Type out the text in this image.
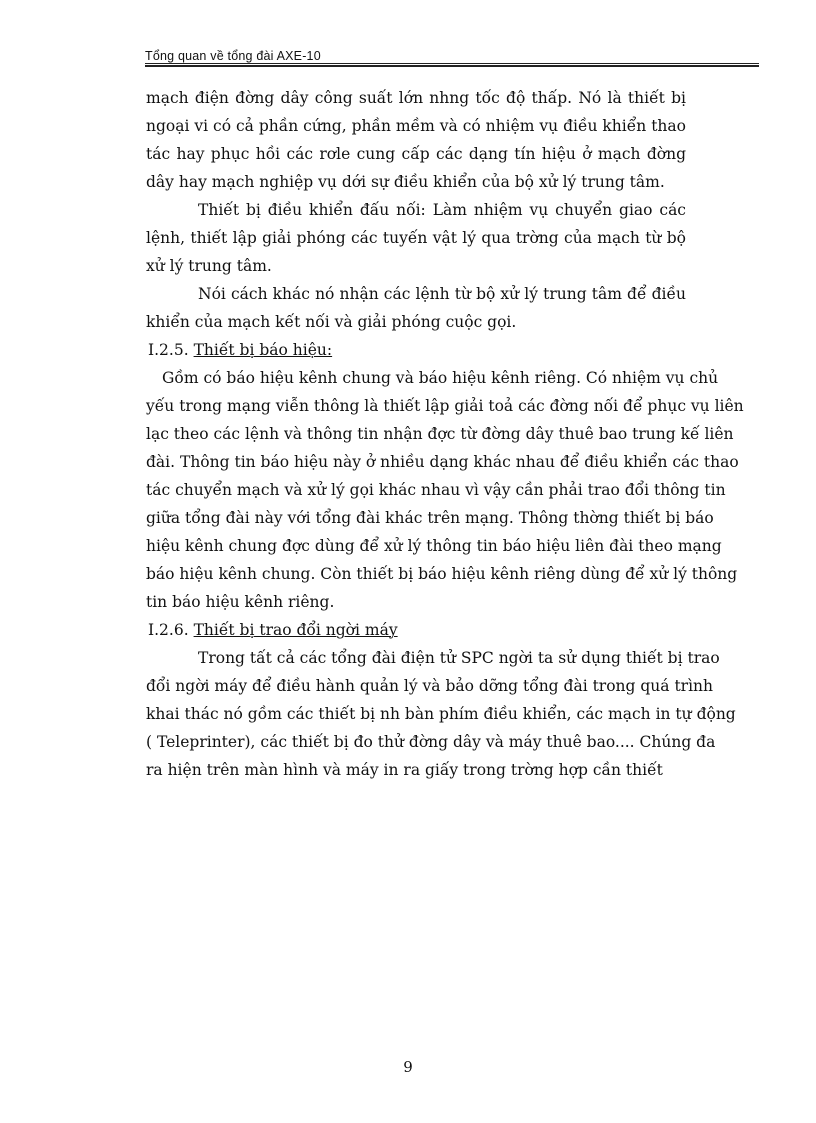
Tổng quan về tổng đài AXE-10
mạch điện đờng dây công suất lớn nhng tốc độ thấp. Nó là thiết bị
ngoại vi có cả phần cứng, phần mềm và có nhiệm vụ điều khiển thao
tác hay phục hồi các rơle cung cấp các dạng tín hiệu ở mạch đờng
dây hay mạch nghiệp vụ dới sự điều khiển của bộ xử lý trung tâm.
Thiết bị điều khiển đấu nối: Làm nhiệm vụ chuyển giao các
lệnh, thiết lập giải phóng các tuyến vật lý qua trờng của mạch từ bộ
xử lý trung tâm.
Nói cách khác nó nhận các lệnh từ bộ xử lý trung tâm để điều
khiển của mạch kết nối và giải phóng cuộc gọi.
I.2.5. Thiết bị báo hiệu:
Gồm có báo hiệu kênh chung và báo hiệu kênh riêng. Có nhiệm vụ chủ
yếu trong mạng viễn thông là thiết lập giải toả các đờng nối để phục vụ liên
lạc theo các lệnh và thông tin nhận đợc từ đờng dây thuê bao trung kế liên
đài. Thông tin báo hiệu này ở nhiều dạng khác nhau để điều khiển các thao
tác chuyển mạch và xử lý gọi khác nhau vì vậy cần phải trao đổi thông tin
giữa tổng đài này với tổng đài khác trên mạng. Thông thờng thiết bị báo
hiệu kênh chung đợc dùng để xử lý thông tin báo hiệu liên đài theo mạng
báo hiệu kênh chung. Còn thiết bị báo hiệu kênh riêng dùng để xử lý thông
tin báo hiệu kênh riêng.
I.2.6. Thiết bị trao đổi ngời máy
Trong tất cả các tổng đài điện tử SPC ngời ta sử dụng thiết bị trao
đổi ngời máy để điều hành quản lý và bảo dỡng tổng đài trong quá trình
khai thác nó gồm các thiết bị nh bàn phím điều khiển, các mạch in tự động
( Teleprinter), các thiết bị đo thử đờng dây và máy thuê bao.... Chúng đa
ra hiện trên màn hình và máy in ra giấy trong trờng hợp cần thiết
9
